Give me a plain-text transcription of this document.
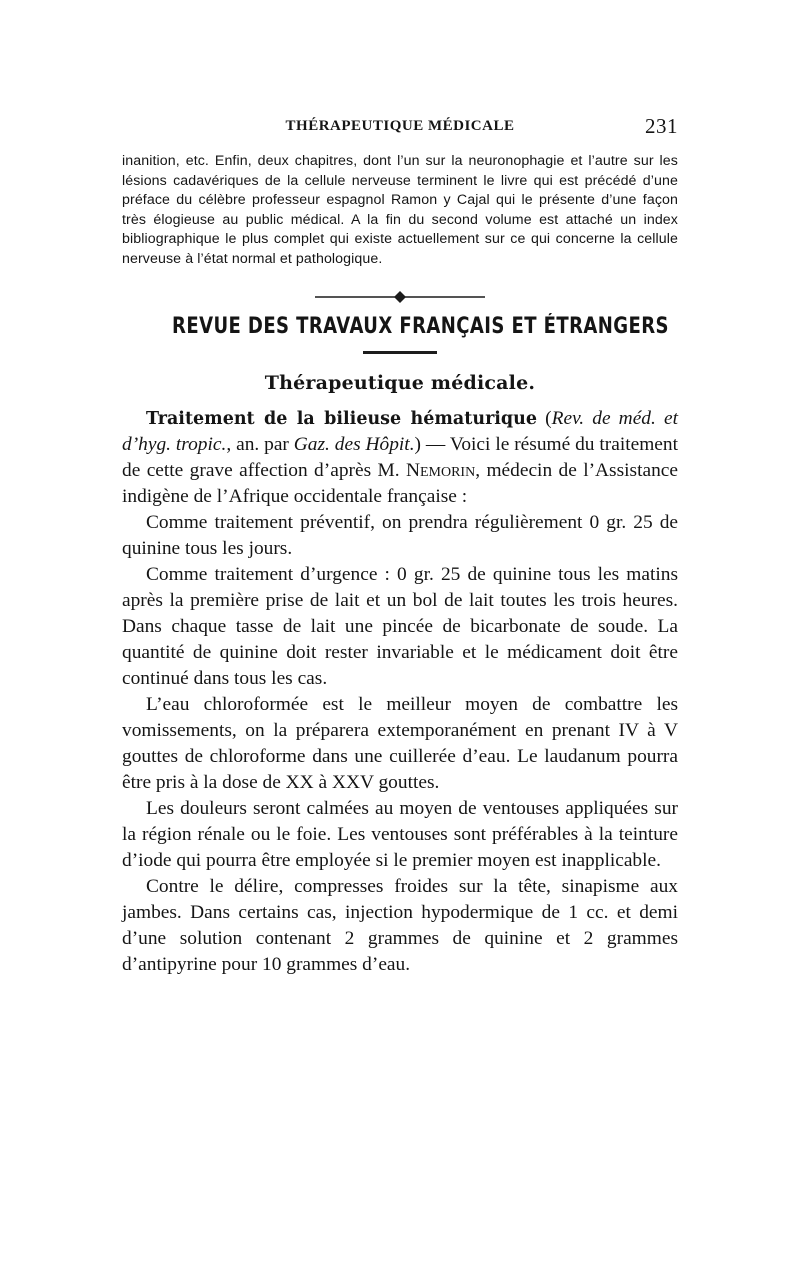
THÉRAPEUTIQUE MÉDICALE	231
inanition, etc. Enfin, deux chapitres, dont l’un sur la neuronophagie et l’autre sur les lésions cadavériques de la cellule nerveuse terminent le livre qui est précédé d’une préface du célèbre professeur espagnol Ramon y Cajal qui le présente d’une façon très élogieuse au public médical. A la fin du second volume est attaché un index bibliographique le plus complet qui existe actuellement sur ce qui concerne la cellule nerveuse à l’état normal et pathologique.
REVUE DES TRAVAUX FRANÇAIS ET ÉTRANGERS
Thérapeutique médicale.

Traitement de la bilieuse hématurique (Rev. de méd. et d’hyg. tropic., an. par Gaz. des Hôpit.) — Voici le résumé du traitement de cette grave affection d’après M. Nemorin, médecin de l’Assistance indigène de l’Afrique occidentale française :

Comme traitement préventif, on prendra régulièrement 0 gr. 25 de quinine tous les jours.

Comme traitement d’urgence : 0 gr. 25 de quinine tous les matins après la première prise de lait et un bol de lait toutes les trois heures. Dans chaque tasse de lait une pincée de bicarbonate de soude. La quantité de quinine doit rester invariable et le médicament doit être continué dans tous les cas.

L’eau chloroformée est le meilleur moyen de combattre les vomissements, on la préparera extemporanément en prenant IV à V gouttes de chloroforme dans une cuillerée d’eau. Le laudanum pourra être pris à la dose de XX à XXV gouttes.

Les douleurs seront calmées au moyen de ventouses appliquées sur la région rénale ou le foie. Les ventouses sont préférables à la teinture d’iode qui pourra être employée si le premier moyen est inapplicable.

Contre le délire, compresses froides sur la tête, sinapisme aux jambes. Dans certains cas, injection hypodermique de 1 cc. et demi d’une solution contenant 2 grammes de quinine et 2 grammes d’antipyrine pour 10 grammes d’eau.
